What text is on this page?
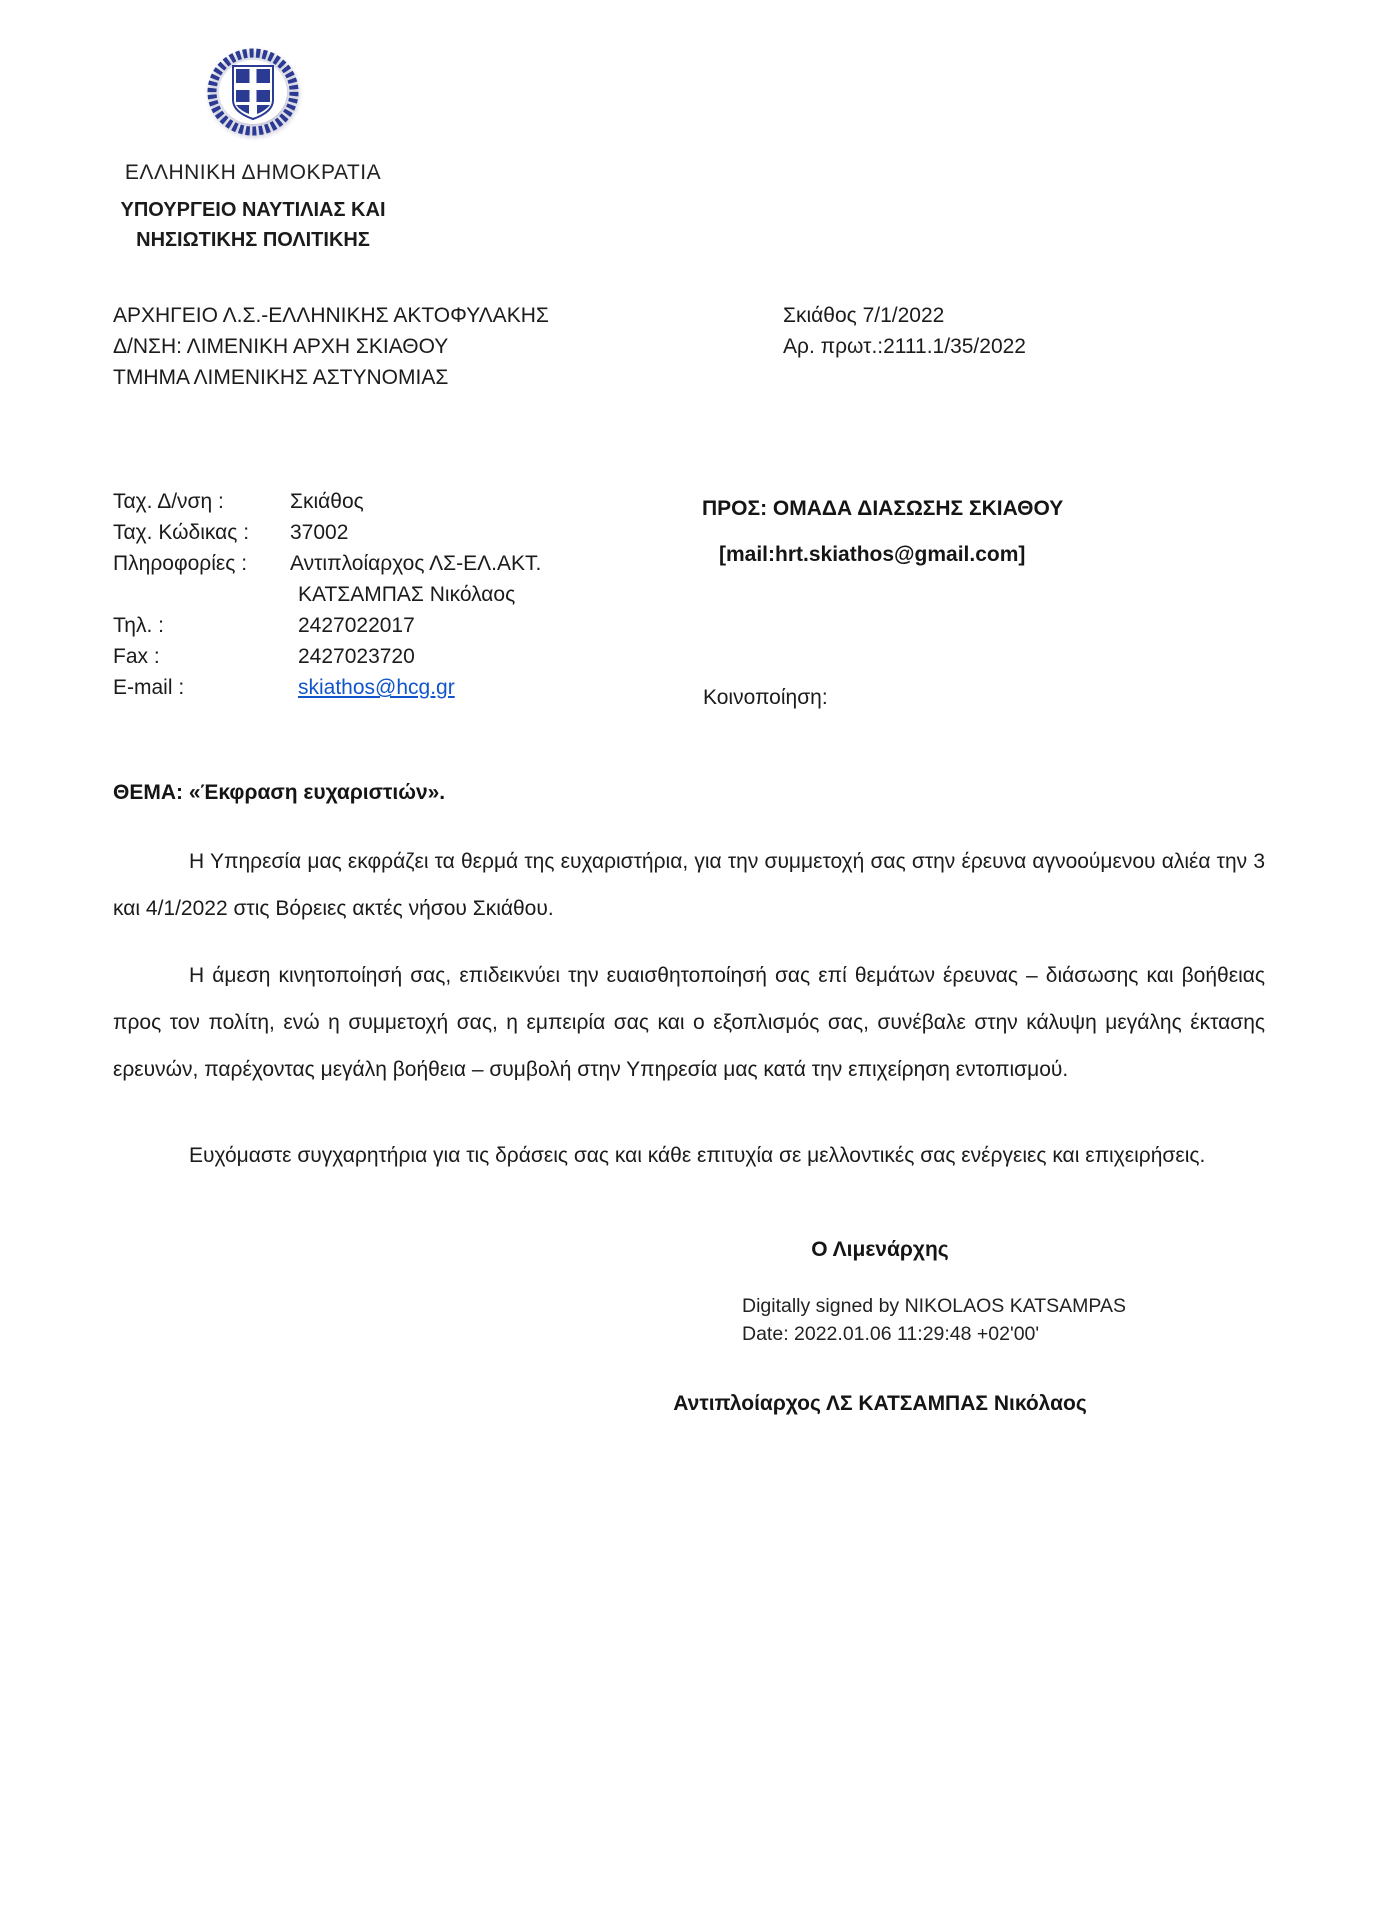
ΕΛΛΗΝΙΚΗ ΔΗΜΟΚΡΑΤΙΑ
ΥΠΟΥΡΓΕΙΟ ΝΑΥΤΙΛΙΑΣ ΚΑΙ
ΝΗΣΙΩΤΙΚΗΣ ΠΟΛΙΤΙΚΗΣ
ΑΡΧΗΓΕΙΟ Λ.Σ.-ΕΛΛΗΝΙΚΗΣ ΑΚΤΟΦΥΛΑΚΗΣ
Δ/ΝΣΗ: ΛΙΜΕΝΙΚΗ ΑΡΧΗ ΣΚΙΑΘΟΥ
ΤΜΗΜΑ ΛΙΜΕΝΙΚΗΣ ΑΣΤΥΝΟΜΙΑΣ
Σκιάθος 7/1/2022
Αρ. πρωτ.:2111.1/35/2022
Ταχ. Δ/νση :	Σκιάθος
Ταχ. Κώδικας :	37002
Πληροφορίες :	Αντιπλοίαρχος ΛΣ-ΕΛ.ΑΚΤ.
ΚΑΤΣΑΜΠΑΣ Νικόλαος
Τηλ. :	2427022017
Fax :	2427023720
E-mail :	skiathos@hcg.gr
ΠΡΟΣ: ΟΜΑΔΑ ΔΙΑΣΩΣΗΣ ΣΚΙΑΘΟΥ
[mail:hrt.skiathos@gmail.com]
Κοινοποίηση:
ΘΕΜΑ: «Έκφραση ευχαριστιών».

Η Υπηρεσία μας εκφράζει τα θερμά της ευχαριστήρια, για την συμμετοχή σας στην έρευνα αγνοούμενου αλιέα την 3 και 4/1/2022 στις Βόρειες ακτές νήσου Σκιάθου.

Η άμεση κινητοποίησή σας, επιδεικνύει την ευαισθητοποίησή σας επί θεμάτων έρευνας – διάσωσης και βοήθειας προς τον πολίτη, ενώ η συμμετοχή σας, η εμπειρία σας και ο εξοπλισμός σας, συνέβαλε στην κάλυψη μεγάλης έκτασης ερευνών, παρέχοντας μεγάλη βοήθεια – συμβολή στην Υπηρεσία μας κατά την επιχείρηση εντοπισμού.

Ευχόμαστε συγχαρητήρια για τις δράσεις σας και κάθε επιτυχία σε μελλοντικές σας ενέργειες και επιχειρήσεις.

Ο Λιμενάρχης
Digitally signed by NIKOLAOS KATSAMPAS
Date: 2022.01.06 11:29:48 +02'00'
Αντιπλοίαρχος ΛΣ ΚΑΤΣΑΜΠΑΣ Νικόλαος
